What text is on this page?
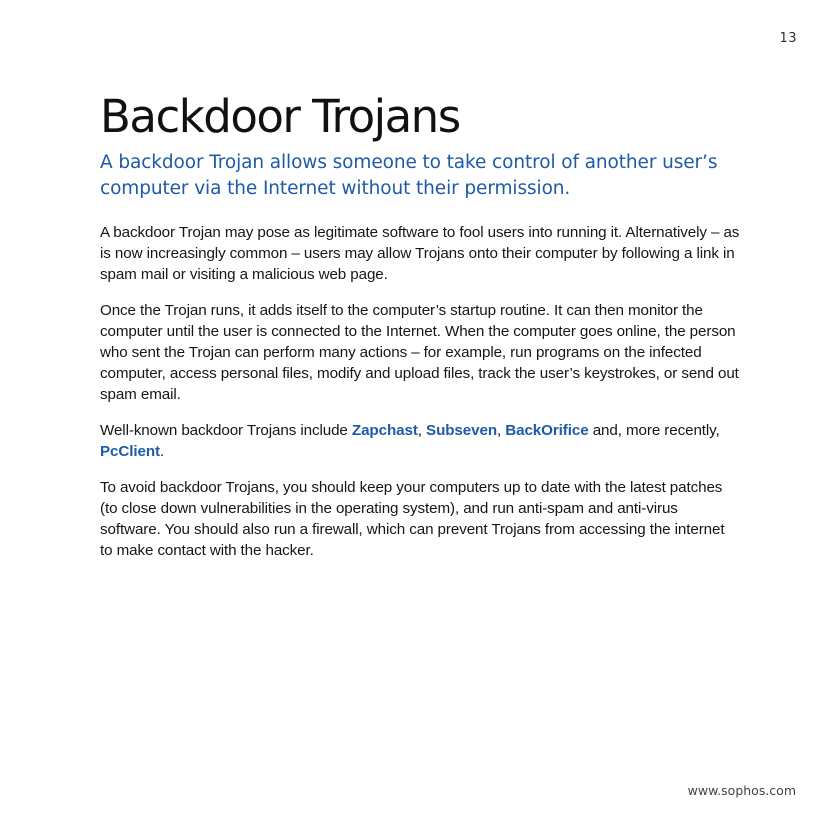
13
Backdoor Trojans

A backdoor Trojan allows someone to take control of another user’s computer via the Internet without their permission.

A backdoor Trojan may pose as legitimate software to fool users into running it. Alternatively – as is now increasingly common – users may allow Trojans onto their computer by following a link in spam mail or visiting a malicious web page.

Once the Trojan runs, it adds itself to the computer’s startup routine. It can then monitor the computer until the user is connected to the Internet. When the computer goes online, the person who sent the Trojan can perform many actions – for example, run programs on the infected computer, access personal files, modify and upload files, track the user’s keystrokes, or send out spam email.

Well-known backdoor Trojans include Zapchast, Subseven, BackOrifice and, more recently, PcClient.

To avoid backdoor Trojans, you should keep your computers up to date with the latest patches (to close down vulnerabilities in the operating system), and run anti-spam and anti-virus software. You should also run a firewall, which can prevent Trojans from accessing the internet to make contact with the hacker.

www.sophos.com
